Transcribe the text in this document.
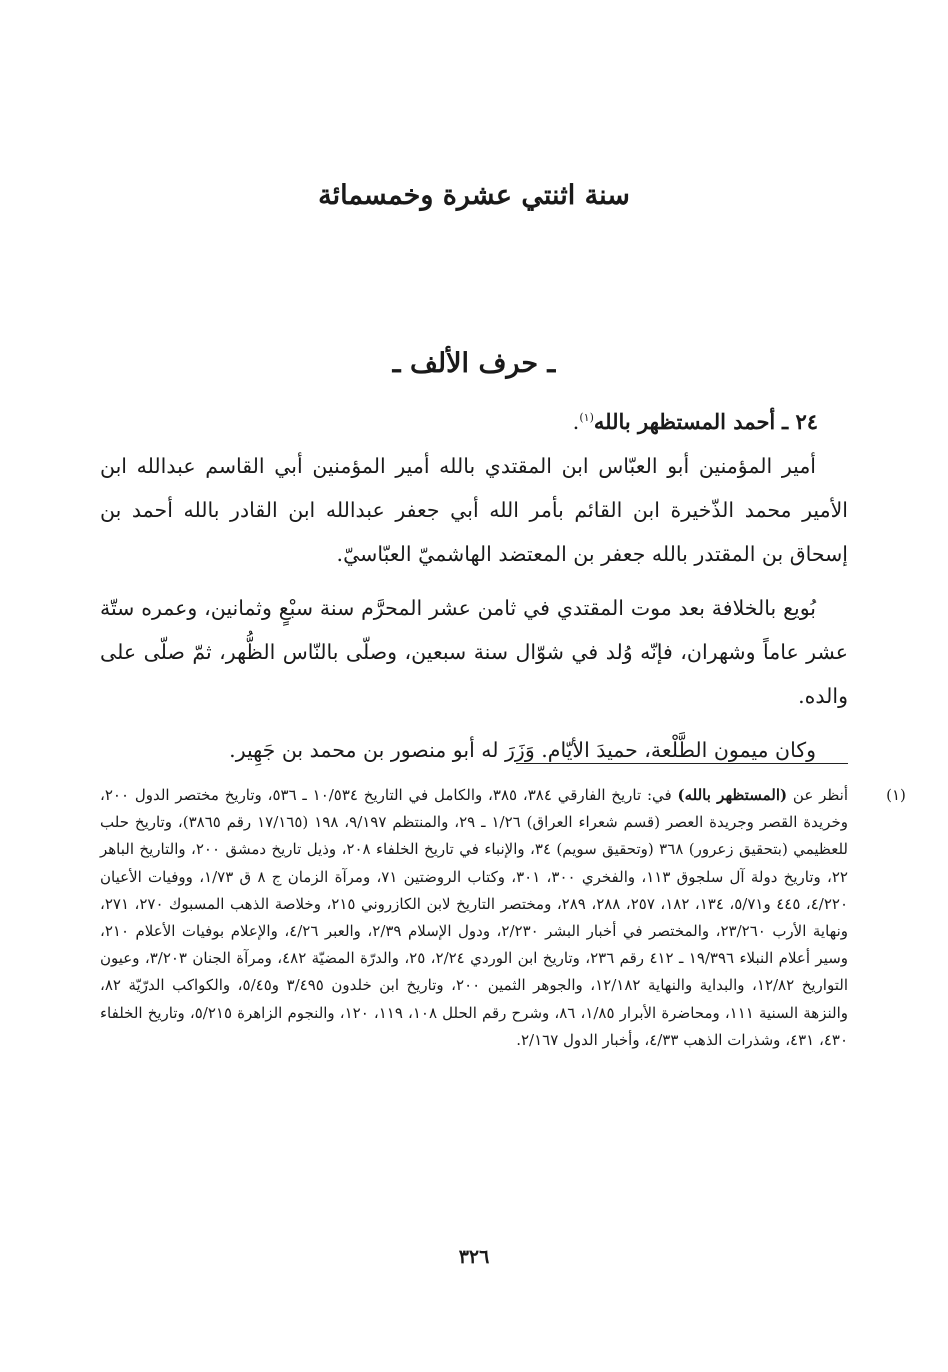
سنة اثنتي عشرة وخمسمائة
ـ حرف الألف ـ

٢٤ ـ أحمد المستظهر بالله$^{(١)}$.

أمير المؤمنين أبو العبّاس ابن المقتدي بالله أمير المؤمنين أبي القاسم عبدالله ابن الأمير محمد الذّخيرة ابن القائم بأمر الله أبي جعفر عبدالله ابن القادر بالله أحمد بن إسحاق بن المقتدر بالله جعفر بن المعتضد الهاشميّ العبّاسيّ.

بُويع بالخلافة بعد موت المقتدي في ثامن عشر المحرَّم سنة سبْعٍ وثمانين، وعمره ستّة عشر عاماً وشهران، فإنّه وُلد في شوّال سنة سبعين، وصلّى بالنّاس الظُّهر، ثمّ صلّى على والده.

وكان ميمون الطَّلْعة، حميدَ الأيّام. وَزَرَ له أبو منصور بن محمد بن جَهِير.

(١)

أنظر عن (المستظهر بالله) في: تاريخ الفارقي ٣٨٤، ٣٨٥، والكامل في التاريخ ١٠/٥٣٤ ـ ٥٣٦، وتاريخ مختصر الدول ٢٠٠، وخريدة القصر وجريدة العصر (قسم شعراء العراق) ١/٢٦ ـ ٢٩، والمنتظم ٩/١٩٧، ١٩٨ (١٧/١٦٥ رقم ٣٨٦٥)، وتاريخ حلب للعظيمي (بتحقيق زعرور) ٣٦٨ (وتحقيق سويم) ٣٤، والإنباء في تاريخ الخلفاء ٢٠٨، وذيل تاريخ دمشق ٢٠٠، والتاريخ الباهر ٢٢، وتاريخ دولة آل سلجوق ١١٣، والفخري ٣٠٠، ٣٠١، وكتاب الروضتين ٧١، ومرآة الزمان ج ٨ ق ١/٧٣، ووفيات الأعيان ٤/٢٢٠، ٤٤٥ و٥/٧١، ١٣٤، ١٨٢، ٢٥٧، ٢٨٨، ٢٨٩، ومختصر التاريخ لابن الكازروني ٢١٥، وخلاصة الذهب المسبوك ٢٧٠، ٢٧١، ونهاية الأرب ٢٣/٢٦٠، والمختصر في أخبار البشر ٢/٢٣٠، ودول الإسلام ٢/٣٩، والعبر ٤/٢٦، والإعلام بوفيات الأعلام ٢١٠، وسير أعلام النبلاء ١٩/٣٩٦ ـ ٤١٢ رقم ٢٣٦، وتاريخ ابن الوردي ٢/٢٤، ٢٥، والدرّة المضيّة ٤٨٢، ومرآة الجنان ٣/٢٠٣، وعيون التواريخ ١٢/٨٢، والبداية والنهاية ١٢/١٨٢، والجوهر الثمين ٢٠٠، وتاريخ ابن خلدون ٣/٤٩٥ و٥/٤٥، والكواكب الدرّيّة ٨٢، والنزهة السنية ١١١، ومحاضرة الأبرار ١/٨٥، ٨٦، وشرح رقم الحلل ١٠٨، ١١٩، ١٢٠، والنجوم الزاهرة ٥/٢١٥، وتاريخ الخلفاء ٤٣٠، ٤٣١، وشذرات الذهب ٤/٣٣، وأخبار الدول ٢/١٦٧.

٣٢٦
